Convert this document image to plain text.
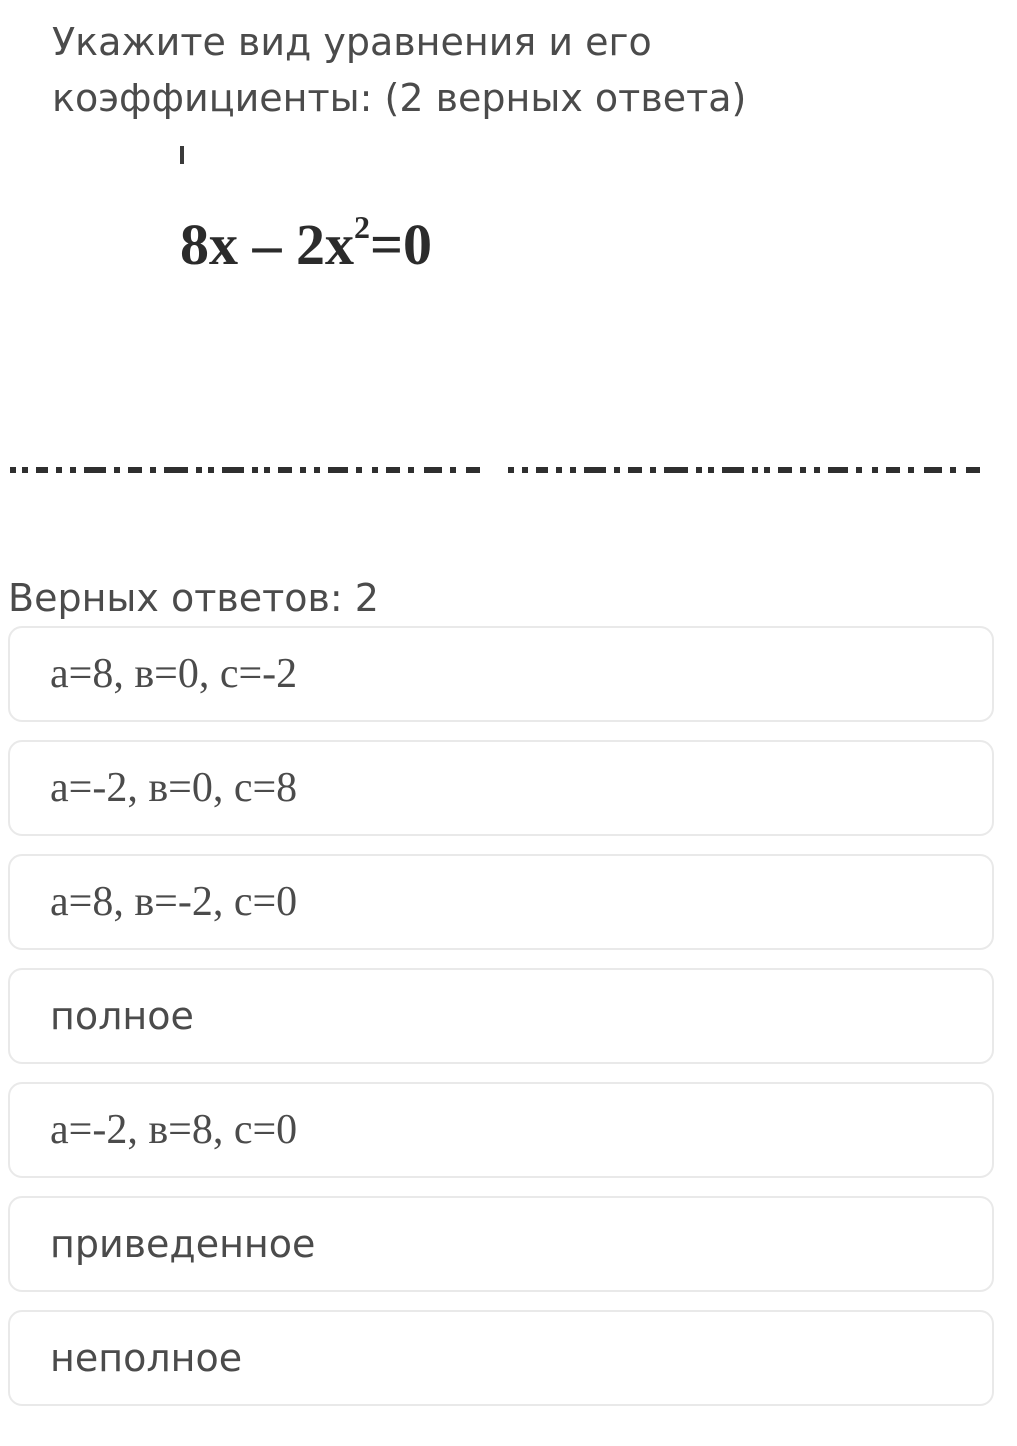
Укажите вид уравнения и его
коэффициенты: (2 верных ответа)
$8x - 2x^2=0$
Верных ответов: 2
а=8, в=0, с=-2
а=-2, в=0, с=8
а=8, в=-2, с=0
полное
а=-2, в=8, с=0
приведенное
неполное
